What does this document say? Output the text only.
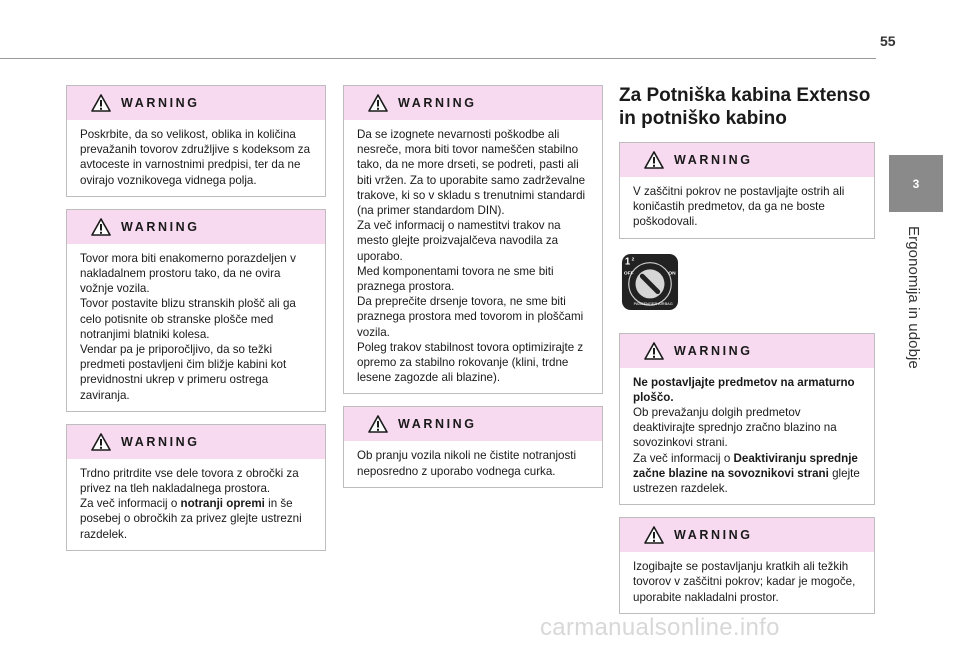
55
3
Ergonomija in udobje
WARNING

Poskrbite, da so velikost, oblika in količina prevažanih tovorov združljive s kodeksom za avtoceste in varnostnimi predpisi, ter da ne ovirajo voznikovega vidnega polja.

WARNING

Tovor mora biti enakomerno porazdeljen v nakladalnem prostoru tako, da ne ovira vožnje vozila.

Tovor postavite blizu stranskih plošč ali ga celo potisnite ob stranske plošče med notranjimi blatniki kolesa.

Vendar pa je priporočljivo, da so težki predmeti postavljeni čim bližje kabini kot previdnostni ukrep v primeru ostrega zaviranja.

WARNING

Trdno pritrdite vse dele tovora z obročki za privez na tleh nakladalnega prostora.

Za več informacij o notranji opremi in še posebej o obročkih za privez glejte ustrezni razdelek.

WARNING

Da se izognete nevarnosti poškodbe ali nesreče, mora biti tovor nameščen stabilno tako, da ne more drseti, se podreti, pasti ali biti vržen. Za to uporabite samo zadrževalne trakove, ki so v skladu s trenutnimi standardi (na primer standardom DIN).

Za več informacij o namestitvi trakov na mesto glejte proizvajalčeva navodila za uporabo.

Med komponentami tovora ne sme biti praznega prostora.

Da preprečite drsenje tovora, ne sme biti praznega prostora med tovorom in ploščami vozila.

Poleg trakov stabilnost tovora optimizirajte z opremo za stabilno rokovanje (klini, trdne lesene zagozde ali blazine).

WARNING

Ob pranju vozila nikoli ne čistite notranjosti neposredno z uporabo vodnega curka.

Za Potniška kabina Extenso
in potniško kabino
WARNING

V zaščitni pokrov ne postavljajte ostrih ali koničastih predmetov, da ga ne boste poškodovali.

1 2
OFF	ON
PASSENGER AIRBAG
WARNING

Ne postavljajte predmetov na armaturno ploščo.

Ob prevažanju dolgih predmetov deaktivirajte sprednjo zračno blazino na sovozinkovi strani.

Za več informacij o Deaktiviranju sprednje začne blazine na sovoznikovi strani glejte ustrezen razdelek.

WARNING

Izogibajte se postavljanju kratkih ali težkih tovorov v zaščitni pokrov; kadar je mogoče, uporabite nakladalni prostor.

carmanualsonline.info
